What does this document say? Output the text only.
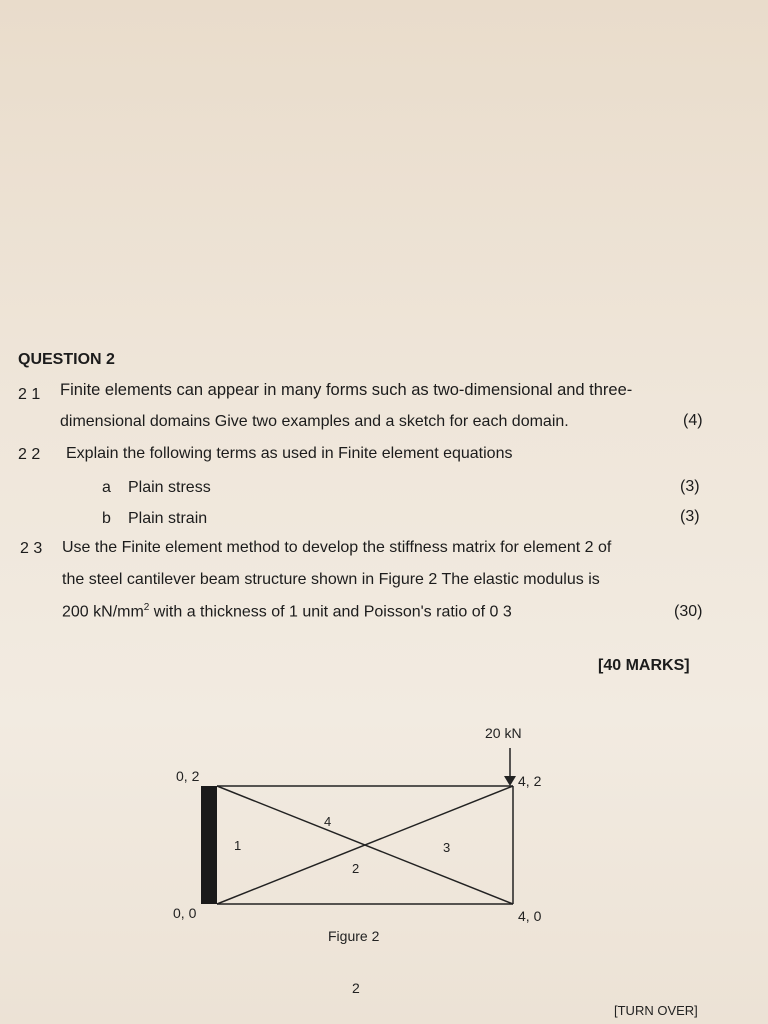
QUESTION 2
2 1 Finite elements can appear in many forms such as two-dimensional and three-
dimensional domains Give two examples and a sketch for each domain.	(4)
2 2 Explain the following terms as used in Finite element equations
a Plain stress	(3)
b Plain strain	(3)
2 3 Use the Finite element method to develop the stiffness matrix for element 2 of
the steel cantilever beam structure shown in Figure 2 The elastic modulus is
200 $kN/mm^2$ with a thickness of 1 unit and Poisson's ratio of 0 3	(30)
[40 MARKS]
20 kN
0, 2
0, 0
4, 2
4, 0
1
2
3
4
Figure 2
2
[TURN OVER]
